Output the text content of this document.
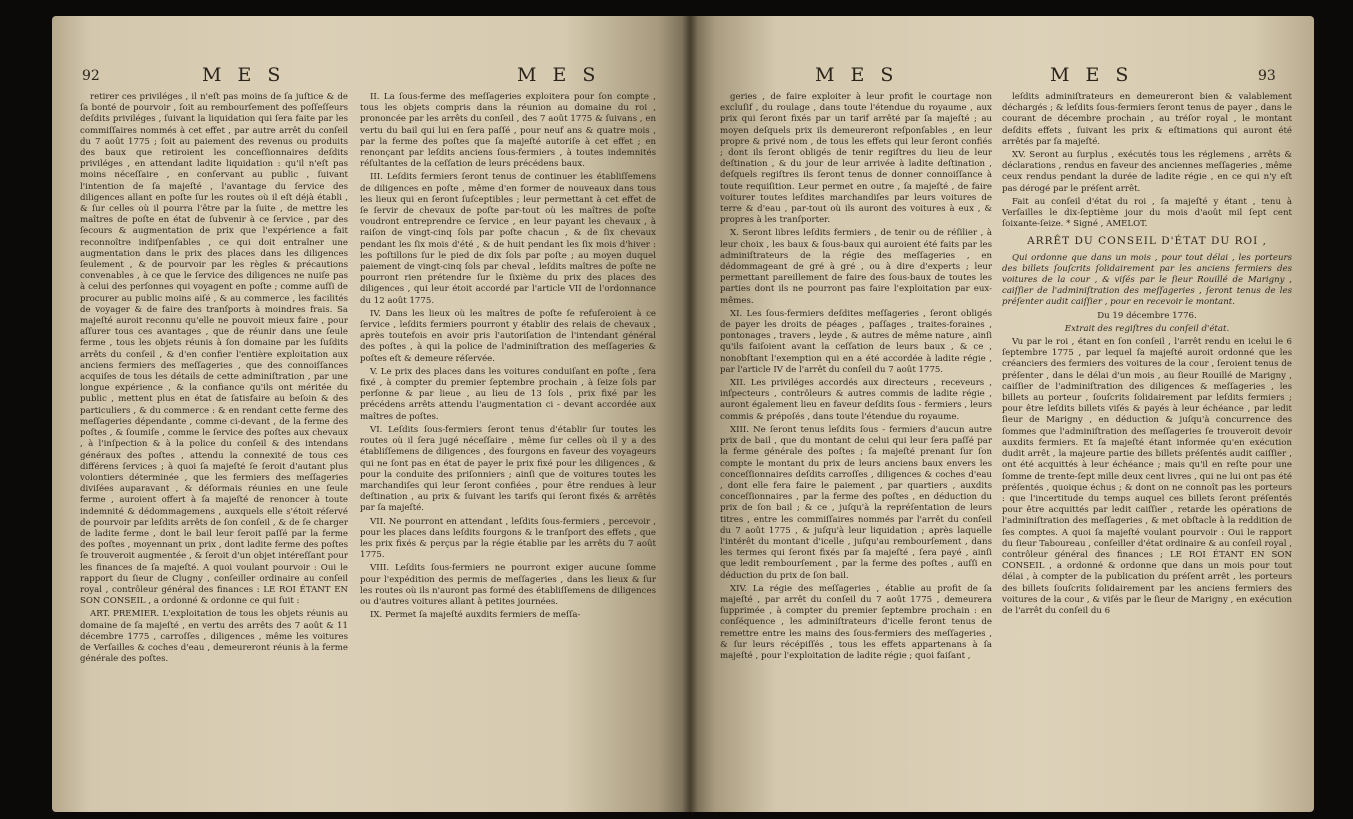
92	M E S	M E S

retirer ces priviléges , il n'eſt pas moins de ſa juſtice & de ſa bonté de pourvoir , ſoit au rembourſement des poſſeſſeurs deſdits priviléges , ſuivant la liquidation qui ſera faite par les commiſſaires nommés à cet effet , par autre arrêt du conſeil du 7 août 1775 ; ſoit au paiement des revenus ou produits des baux que retiroient les conceſſionnaires deſdits priviléges , en attendant ladite liquidation : qu'il n'eſt pas moins néceſſaire , en conſervant au public , ſuivant l'intention de ſa majeſté , l'avantage du ſervice des diligences allant en poſte ſur les routes où il eſt déjà établi , & ſur celles où il pourra l'être par la ſuite , de mettre les maîtres de poſte en état de ſubvenir à ce ſervice , par des ſecours & augmentation de prix que l'expérience a fait reconnoître indiſpenſables , ce qui doit entraîner une augmentation dans le prix des places dans les diligences ſeulement , & de pourvoir par les règles & précautions convenables , à ce que le ſervice des diligences ne nuiſe pas à celui des perſonnes qui voyagent en poſte ; comme auſſi de procurer au public moins aiſé , & au commerce , les facilités de voyager & de faire des tranſports à moindres frais. Sa majeſté auroit reconnu qu'elle ne pouvoit mieux faire , pour aſſurer tous ces avantages , que de réunir dans une ſeule ferme , tous les objets réunis à ſon domaine par les ſuſdits arrêts du conſeil , & d'en confier l'entière exploitation aux anciens fermiers des meſſageries , que des connoiſſances acquiſes de tous les détails de cette adminiſtration , par une longue expérience , & la confiance qu'ils ont méritée du public , mettent plus en état de ſatisfaire au beſoin & des particuliers , & du commerce : & en rendant cette ferme des meſſageries dépendante , comme ci-devant , de la ferme des poſtes , & ſoumiſe , comme le ſervice des poſtes aux chevaux , à l'inſpection & à la police du conſeil & des intendans généraux des poſtes , attendu la connexité de tous ces différens ſervices ; à quoi ſa majeſté ſe ſeroit d'autant plus volontiers déterminée , que les fermiers des meſſageries diviſées auparavant , & déſormais réunies en une ſeule ferme , auroient offert à ſa majeſté de renoncer à toute indemnité & dédommagemens , auxquels elle s'étoit réſervé de pourvoir par leſdits arrêts de ſon conſeil , & de ſe charger de ladite ferme , dont le bail leur ſeroit paſſé par la ferme des poſtes , moyennant un prix , dont ladite ferme des poſtes ſe trouveroit augmentée , & ſeroit d'un objet intéreſſant pour les finances de ſa majeſté. A quoi voulant pourvoir : Oui le rapport du ſieur de Clugny , conſeiller ordinaire au conſeil royal , contrôleur général des finances : LE ROI ÉTANT EN SON CONSEIL , a ordonné & ordonne ce qui ſuit :

ART. PREMIER. L'exploitation de tous les objets réunis au domaine de ſa majeſté , en vertu des arrêts des 7 août & 11 décembre 1775 , carroſſes , diligences , même les voitures de Verſailles & coches d'eau , demeureront réunis à la ferme générale des poſtes.

II. La ſous-ferme des meſſageries exploitera pour ſon compte , tous les objets compris dans la réunion au domaine du roi , prononcée par les arrêts du conſeil , des 7 août 1775 & ſuivans , en vertu du bail qui lui en ſera paſſé , pour neuf ans & quatre mois , par la ferme des poſtes que ſa majeſté autoriſe à cet effet ; en renonçant par leſdits anciens ſous-fermiers , à toutes indemnités réſultantes de la ceſſation de leurs précédens baux.

III. Leſdits fermiers ſeront tenus de continuer les établiſſemens de diligences en poſte , même d'en former de nouveaux dans tous les lieux qui en ſeront ſuſceptibles ; leur permettant à cet effet de ſe ſervir de chevaux de poſte par-tout où les maîtres de poſte voudront entreprendre ce ſervice , en leur payant les chevaux , à raiſon de vingt-cinq ſols par poſte chacun , & de ſix chevaux pendant les ſix mois d'été , & de huit pendant les ſix mois d'hiver : les poſtillons ſur le pied de dix ſols par poſte ; au moyen duquel paiement de vingt-cinq ſols par cheval , leſdits maîtres de poſte ne pourront rien prétendre ſur le ſixième du prix des places des diligences , qui leur étoit accordé par l'article VII de l'ordonnance du 12 août 1775.

IV. Dans les lieux où les maîtres de poſte ſe refuſeroient à ce ſervice , leſdits fermiers pourront y établir des relais de chevaux , après toutefois en avoir pris l'autoriſation de l'intendant général des poſtes , à qui la police de l'adminiſtration des meſſageries & poſtes eſt & demeure réſervée.

V. Le prix des places dans les voitures conduiſant en poſte , ſera fixé , à compter du premier ſeptembre prochain , à ſeize ſols par perſonne & par lieue , au lieu de 13 ſols , prix fixé par les précédens arrêts attendu l'augmentation ci - devant accordée aux maîtres de poſtes.

VI. Leſdits ſous-fermiers ſeront tenus d'établir ſur toutes les routes où il ſera jugé néceſſaire , même ſur celles où il y a des établiſſemens de diligences , des fourgons en faveur des voyageurs qui ne ſont pas en état de payer le prix fixé pour les diligences , & pour la conduite des priſonniers ; ainſi que de voitures toutes les marchandiſes qui leur ſeront confiées , pour être rendues à leur deſtination , au prix & ſuivant les tarifs qui ſeront fixés & arrêtés par ſa majeſté.

VII. Ne pourront en attendant , leſdits ſous-fermiers , percevoir , pour les places dans leſdits fourgons & le tranſport des effets , que les prix fixés & perçus par la régie établie par les arrêts du 7 août 1775.

VIII. Leſdits ſous-fermiers ne pourront exiger aucune ſomme pour l'expédition des permis de meſſageries , dans les lieux & ſur les routes où ils n'auront pas formé des établiſſemens de diligences ou d'autres voitures allant à petites journées.

IX. Permet ſa majeſté auxdits fermiers de meſſa-

M E S	M E S	93

geries , de faire exploiter à leur profit le courtage non excluſif , du roulage , dans toute l'étendue du royaume , aux prix qui ſeront fixés par un tarif arrêté par ſa majeſté ; au moyen deſquels prix ils demeureront reſponſables , en leur propre & privé nom , de tous les effets qui leur ſeront confiés ; dont ils ſeront obligés de tenir regiſtres du lieu de leur deſtination , & du jour de leur arrivée à ladite deſtination , deſquels regiſtres ils ſeront tenus de donner connoiſſance à toute requiſition. Leur permet en outre , ſa majeſté , de faire voiturer toutes leſdites marchandiſes par leurs voitures de terre & d'eau , par-tout où ils auront des voitures à eux , & propres à les tranſporter.

X. Seront libres leſdits fermiers , de tenir ou de réſilier , à leur choix , les baux & ſous-baux qui auroient été faits par les adminiſtrateurs de la régie des meſſageries , en dédommageant de gré à gré , ou à dire d'experts ; leur permettant pareillement de faire des ſous-baux de toutes les parties dont ils ne pourront pas faire l'exploitation par eux-mêmes.

XI. Les ſous-fermiers deſdites meſſageries , ſeront obligés de payer les droits de péages , paſſages , traites-foraines , pontonages , travers , leyde , & autres de même nature , ainſi qu'ils faiſoient avant la ceſſation de leurs baux , & ce , nonobſtant l'exemption qui en a été accordée à ladite régie , par l'article IV de l'arrêt du conſeil du 7 août 1775.

XII. Les priviléges accordés aux directeurs , receveurs , inſpecteurs , contrôleurs & autres commis de ladite régie , auront également lieu en faveur deſdits ſous - fermiers , leurs commis & prépoſés , dans toute l'étendue du royaume.

XIII. Ne ſeront tenus leſdits ſous - fermiers d'aucun autre prix de bail , que du montant de celui qui leur ſera paſſé par la ferme générale des poſtes ; ſa majeſté prenant ſur ſon compte le montant du prix de leurs anciens baux envers les conceſſionnaires deſdits carroſſes , diligences & coches d'eau , dont elle fera faire le paiement , par quartiers , auxdits conceſſionnaires , par la ferme des poſtes , en déduction du prix de ſon bail ; & ce , juſqu'à la repréſentation de leurs titres , entre les commiſſaires nommés par l'arrêt du conſeil du 7 août 1775 , & juſqu'à leur liquidation ; après laquelle l'intérêt du montant d'icelle , juſqu'au rembourſement , dans les termes qui ſeront fixés par ſa majeſté , ſera payé , ainſi que ledit rembourſement , par la ferme des poſtes , auſſi en déduction du prix de ſon bail.

XIV. La régie des meſſageries , établie au profit de ſa majeſté , par arrêt du conſeil du 7 août 1775 , demeurera ſupprimée , à compter du premier ſeptembre prochain : en conſéquence , les adminiſtrateurs d'icelle feront tenus de remettre entre les mains des ſous-fermiers des meſſageries , & ſur leurs récépiſſés , tous les effets appartenans à ſa majeſté , pour l'exploitation de ladite régie ; quoi faiſant ,

leſdits adminiſtrateurs en demeureront bien & valablement déchargés ; & leſdits ſous-fermiers ſeront tenus de payer , dans le courant de décembre prochain , au tréſor royal , le montant deſdits effets , ſuivant les prix & eſtimations qui auront été arrêtés par ſa majeſté.

XV. Seront au ſurplus , exécutés tous les réglemens , arrêts & déclarations , rendus en faveur des anciennes meſſageries , même ceux rendus pendant la durée de ladite régie , en ce qui n'y eſt pas dérogé par le préſent arrêt.

Fait au conſeil d'état du roi , ſa majeſté y étant , tenu à Verſailles le dix-ſeptième jour du mois d'août mil ſept cent ſoixante-ſeize. * Signé , AMELOT.

ARRÊT DU CONSEIL D'ÉTAT DU ROI ,

Qui ordonne que dans un mois , pour tout délai , les porteurs des billets ſouſcrits ſolidairement par les anciens fermiers des voitures de la cour , & viſés par le ſieur Rouillé de Marigny , caiſſier de l'adminiſtration des meſſageries , ſeront tenus de les préſenter audit caiſſier , pour en recevoir le montant.

Du 19 décembre 1776.

Extrait des regiſtres du conſeil d'état.

Vu par le roi , étant en ſon conſeil , l'arrêt rendu en icelui le 6 ſeptembre 1775 , par lequel ſa majeſté auroit ordonné que les créanciers des fermiers des voitures de la cour , ſeroient tenus de préſenter , dans le délai d'un mois , au ſieur Rouillé de Marigny , caiſſier de l'adminiſtration des diligences & meſſageries , les billets au porteur , ſouſcrits ſolidairement par leſdits fermiers ; pour être leſdits billets viſés & payés à leur échéance , par ledit ſieur de Marigny , en déduction & juſqu'à concurrence des ſommes que l'adminiſtration des meſſageries ſe trouveroit devoir auxdits fermiers. Et ſa majeſté étant informée qu'en exécution dudit arrêt , la majeure partie des billets préſentés audit caiſſier , ont été acquittés à leur échéance ; mais qu'il en reſte pour une ſomme de trente-ſept mille deux cent livres , qui ne lui ont pas été préſentés , quoique échus ; & dont on ne connoît pas les porteurs : que l'incertitude du temps auquel ces billets ſeront préſentés pour être acquittés par ledit caiſſier , retarde les opérations de l'adminiſtration des meſſageries , & met obſtacle à la reddition de ſes comptes. A quoi ſa majeſté voulant pourvoir : Oui le rapport du ſieur Taboureau , conſeiller d'état ordinaire & au conſeil royal , contrôleur général des finances ; LE ROI ÉTANT EN SON CONSEIL , a ordonné & ordonne que dans un mois pour tout délai , à compter de la publication du préſent arrêt , les porteurs des billets ſouſcrits ſolidairement par les anciens fermiers des voitures de la cour , & viſés par le ſieur de Marigny , en exécution de l'arrêt du conſeil du 6
